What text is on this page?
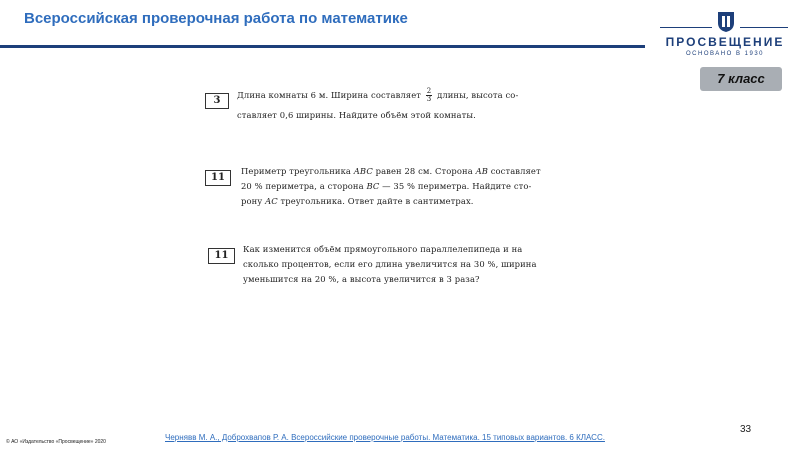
Всероссийская проверочная работа по математике
ПРОСВЕЩЕНИЕ
ОСНОВАНО В 1930
7 класс
3	Длина комнаты 6 м. Ширина составляет $\frac{2}{3}$ длины, высота со-
ставляет 0,6 ширины. Найдите объём этой комнаты.
11
Периметр треугольника ABC равен 28 см. Сторона AB составляет
20 % периметра, а сторона BC — 35 % периметра. Найдите сто-
рону AC треугольника. Ответ дайте в сантиметрах.
11
Как изменится объём прямоугольного параллелепипеда и на
сколько процентов, если его длина увеличится на 30 %, ширина
уменьшится на 20 %, а высота увеличится в 3 раза?
33
© АО «Издательство «Просвещение» 2020	Чернявв М. А., Доброхвапов Р. А. Всероссийские проверочные работы. Математика. 15 типовых вариантов. 6 КЛАСС.
